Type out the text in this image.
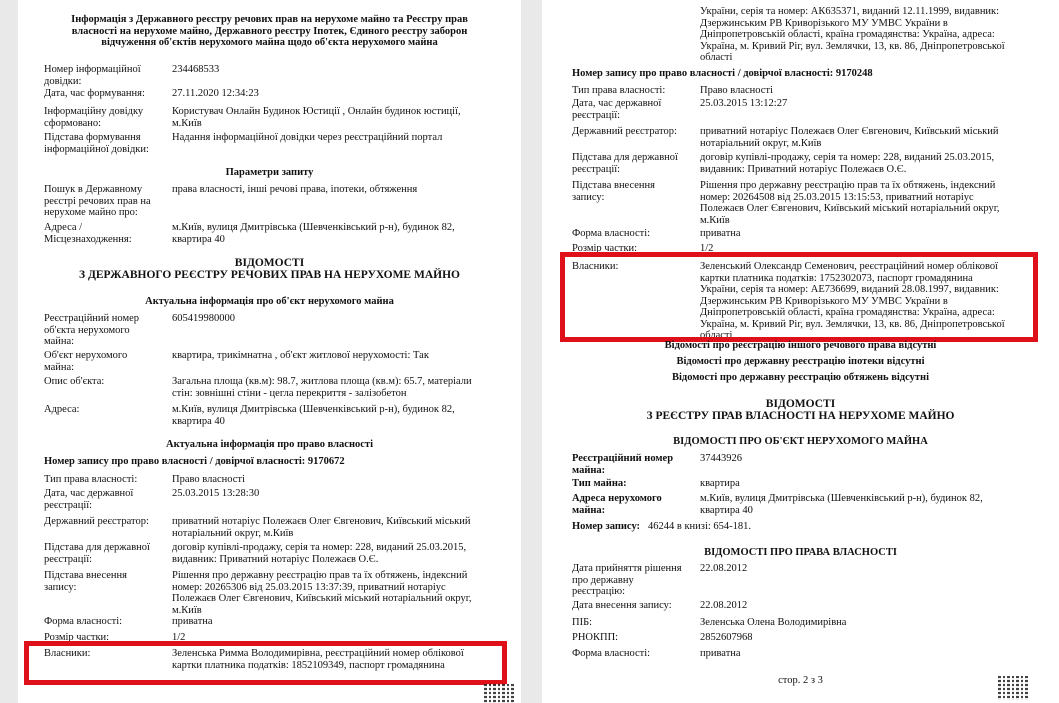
Інформація з Державного реєстру речових прав на нерухоме майно та Реєстру прав
власності на нерухоме майно, Державного реєстру Іпотек, Єдиного реєстру заборон
відчуження об'єктів нерухомого майна щодо об'єкта нерухомого майна
Номер інформаційної
довідки:
234468533
Дата, час формування:	27.11.2020 12:34:23
Інформаційну довідку
сформовано:
Користувач Онлайн Будинок Юстиції , Онлайн будинок юстиції,
м.Київ
Підстава формування
інформаційної довідки:
Надання інформаційної довідки через реєстраційний портал
Параметри запиту
Пошук в Державному
реєстрі речових прав на
нерухоме майно про:
права власності, інші речові права, іпотеки, обтяження
Адреса /
Місцезнаходження:
м.Київ, вулиця Дмитрівська (Шевченківський р-н), будинок 82,
квартира 40
ВІДОМОСТІ
З ДЕРЖАВНОГО РЕЄСТРУ РЕЧОВИХ ПРАВ НА НЕРУХОМЕ МАЙНО
Актуальна інформація про об'єкт нерухомого майна
Реєстраційний номер
об'єкта нерухомого
майна:
605419980000
Об'єкт нерухомого
майна:
квартира, трикімнатна , об'єкт житлової нерухомості: Так
Опис об'єкта:	Загальна площа (кв.м): 98.7, житлова площа (кв.м): 65.7, матеріали
стін: зовнішні стіни - цегла перекриття - залізобетон
Адреса:	м.Київ, вулиця Дмитрівська (Шевченківський р-н), будинок 82,
квартира 40
Актуальна інформація про право власності
Номер запису про право власності / довірчої власності: 9170672
Тип права власності:	Право власності
Дата, час державної
реєстрації:
25.03.2015 13:28:30
Державний реєстратор:	приватний нотаріус Полежаєв Олег Євгенович, Київський міський
нотаріальний округ, м.Київ
Підстава для державної
реєстрації:
договір купівлі-продажу, серія та номер: 228, виданий 25.03.2015,
видавник: Приватний нотаріус Полежаєв О.Є.
Підстава внесення
запису:
Рішення про державну реєстрацію прав та їх обтяжень, індексний
номер: 20265306 від 25.03.2015 13:37:39, приватний нотаріус
Полежаєв Олег Євгенович, Київський міський нотаріальний округ,
м.Київ
Форма власності:	приватна
Розмір частки:	1/2
Власники:	Зеленська Римма Володимирівна, реєстраційний номер облікової
картки платника податків: 1852109349, паспорт громадянина
України, серія та номер: АК635371, виданий 12.11.1999, видавник:
Дзержинським РВ Криворізького МУ УМВС України в
Дніпропетровській області, країна громадянства: Україна, адреса:
Україна, м. Кривий Ріг, вул. Землячки, 13, кв. 86, Дніпропетровської
області
Номер запису про право власності / довірчої власності: 9170248
Тип права власності:	Право власності
Дата, час державної
реєстрації:
25.03.2015 13:12:27
Державний реєстратор:	приватний нотаріус Полежаєв Олег Євгенович, Київський міський
нотаріальний округ, м.Київ
Підстава для державної
реєстрації:
договір купівлі-продажу, серія та номер: 228, виданий 25.03.2015,
видавник: Приватний нотаріус Полежаєв О.Є.
Підстава внесення
запису:
Рішення про державну реєстрацію прав та їх обтяжень, індексний
номер: 20264508 від 25.03.2015 13:15:53, приватний нотаріус
Полежаєв Олег Євгенович, Київський міський нотаріальний округ,
м.Київ
Форма власності:	приватна
Розмір частки:	1/2
Власники:	Зеленський Олександр Семенович, реєстраційний номер облікової
картки платника податків: 1752302073, паспорт громадянина
України, серія та номер: АЕ736699, виданий 28.08.1997, видавник:
Дзержинським РВ Криворізького МУ УМВС України в
Дніпропетровській області, країна громадянства: Україна, адреса:
Україна, м. Кривий Ріг, вул. Землячки, 13, кв. 86, Дніпропетровської
області
Відомості про реєстрацію іншого речового права відсутні
Відомості про державну реєстрацію іпотеки відсутні
Відомості про державну реєстрацію обтяжень відсутні
ВІДОМОСТІ
З РЕЄСТРУ ПРАВ ВЛАСНОСТІ НА НЕРУХОМЕ МАЙНО
ВІДОМОСТІ ПРО ОБ'ЄКТ НЕРУХОМОГО МАЙНА
Реєстраційний номер
майна:
37443926
Тип майна:	квартира
Адреса нерухомого
майна:
м.Київ, вулиця Дмитрівська (Шевченківський р-н), будинок 82,
квартира 40
Номер запису: 46244 в книзі: 654-181.
ВІДОМОСТІ ПРО ПРАВА ВЛАСНОСТІ
Дата прийняття рішення
про державну
реєстрацію:
22.08.2012
Дата внесення запису:	22.08.2012
ПІБ:	Зеленська Олена Володимирівна
РНОКПП:	2852607968
Форма власності:	приватна
стор. 2 з 3
